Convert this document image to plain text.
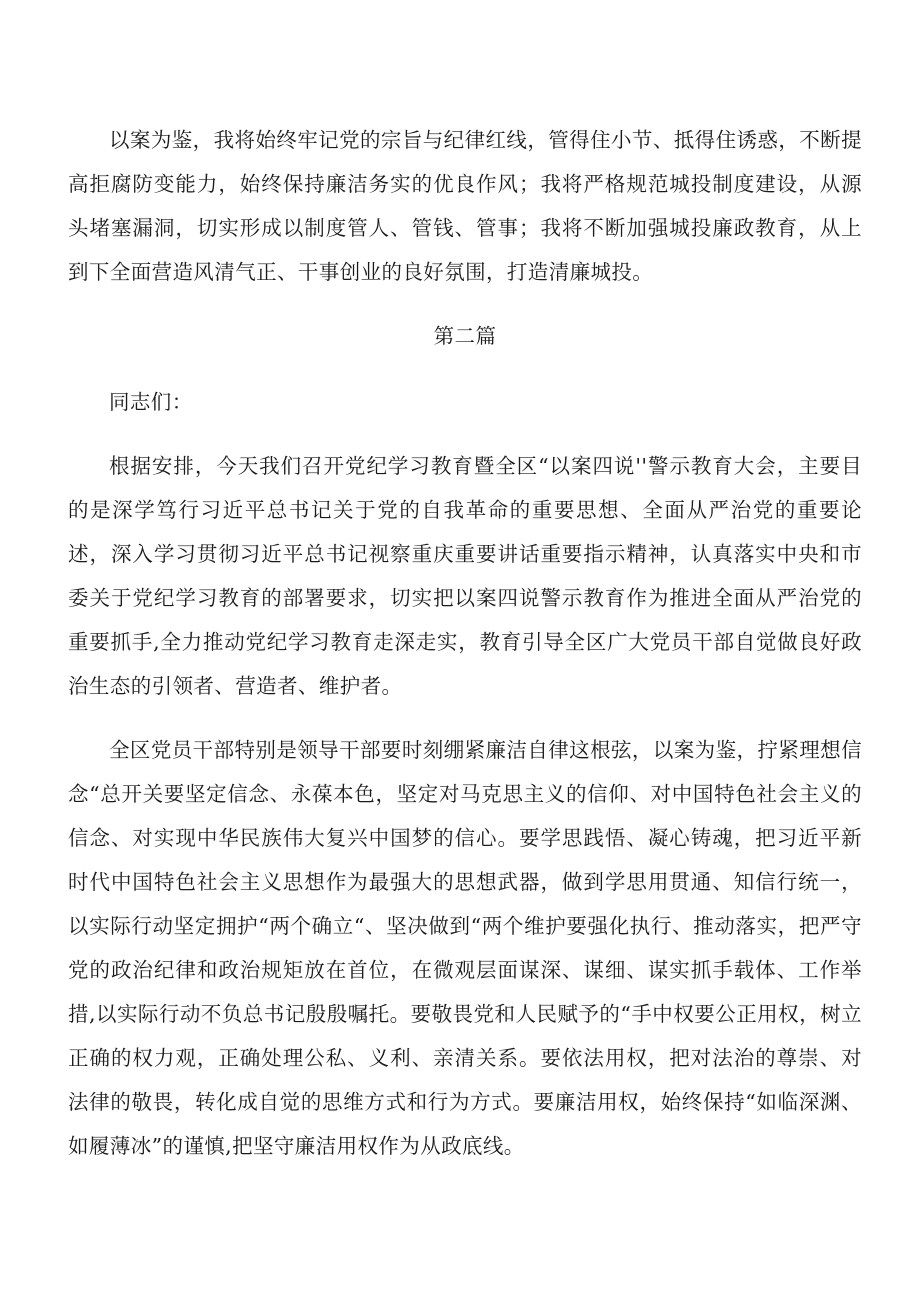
以案为鉴，我将始终牢记党的宗旨与纪律红线，管得住小节、抵得住诱惑，不断提高拒腐防变能力，始终保持廉洁务实的优良作风；我将严格规范城投制度建设，从源头堵塞漏洞，切实形成以制度管人、管钱、管事；我将不断加强城投廉政教育，从上到下全面营造风清气正、干事创业的良好氛围，打造清廉城投。

第二篇

同志们：

根据安排，今天我们召开党纪学习教育暨全区“以案四说''警示教育大会，主要目的是深学笃行习近平总书记关于党的自我革命的重要思想、全面从严治党的重要论述，深入学习贯彻习近平总书记视察重庆重要讲话重要指示精神，认真落实中央和市委关于党纪学习教育的部署要求，切实把以案四说警示教育作为推进全面从严治党的重要抓手,全力推动党纪学习教育走深走实，教育引导全区广大党员干部自觉做良好政治生态的引领者、营造者、维护者。

全区党员干部特别是领导干部要时刻绷紧廉洁自律这根弦，以案为鉴，拧紧理想信念“总开关要坚定信念、永葆本色，坚定对马克思主义的信仰、对中国特色社会主义的信念、对实现中华民族伟大复兴中国梦的信心。要学思践悟、凝心铸魂，把习近平新时代中国特色社会主义思想作为最强大的思想武器，做到学思用贯通、知信行统一，以实际行动坚定拥护“两个确立“、坚决做到“两个维护要强化执行、推动落实，把严守党的政治纪律和政治规矩放在首位，在微观层面谋深、谋细、谋实抓手载体、工作举措,以实际行动不负总书记殷殷嘱托。要敬畏党和人民赋予的“手中权要公正用权，树立正确的权力观，正确处理公私、义利、亲清关系。要依法用权，把对法治的尊崇、对法律的敬畏，转化成自觉的思维方式和行为方式。要廉洁用权，始终保持“如临深渊、如履薄冰”的谨慎,把坚守廉洁用权作为从政底线。
